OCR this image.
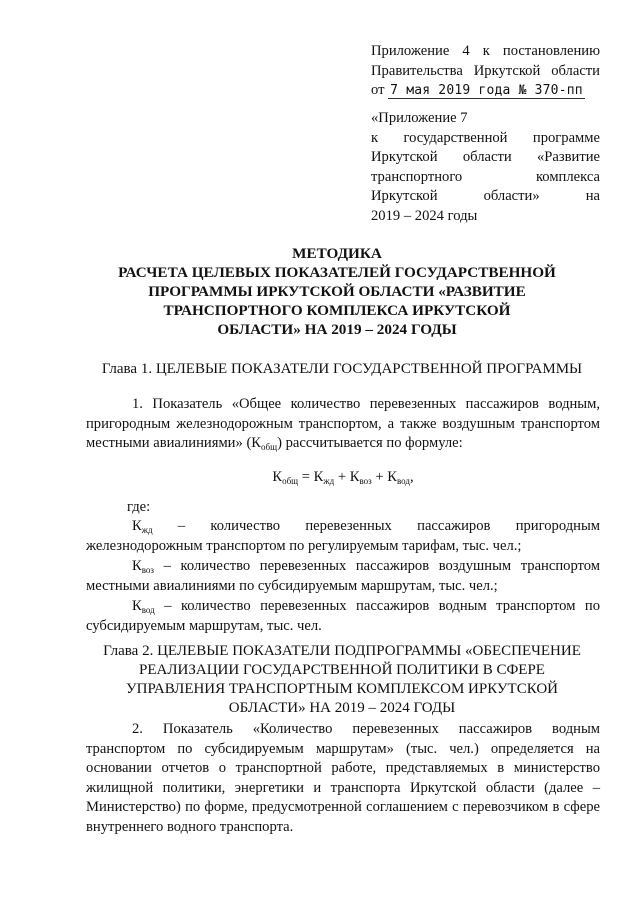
Приложение 4 к постановлению
Правительства Иркутской области
от 7 мая 2019 года № 370-пп
«Приложение 7
к государственной программе
Иркутской области «Развитие
транспортного комплекса
Иркутской области» на
2019 – 2024 годы
МЕТОДИКА
РАСЧЕТА ЦЕЛЕВЫХ ПОКАЗАТЕЛЕЙ ГОСУДАРСТВЕННОЙ
ПРОГРАММЫ ИРКУТСКОЙ ОБЛАСТИ «РАЗВИТИЕ
ТРАНСПОРТНОГО КОМПЛЕКСА ИРКУТСКОЙ
ОБЛАСТИ» НА 2019 – 2024 ГОДЫ
Глава 1. ЦЕЛЕВЫЕ ПОКАЗАТЕЛИ ГОСУДАРСТВЕННОЙ ПРОГРАММЫ
1. Показатель «Общее количество перевезенных пассажиров водным, пригородным железнодорожным транспортом, а также воздушным транспортом местными авиалиниями» $(К_{общ})$ рассчитывается по формуле:
$К_{общ} = К_{жд} + К_{воз} + К_{вод}$,
где:
$К_{жд}$ – количество перевезенных пассажиров пригородным железнодорожным транспортом по регулируемым тарифам, тыс. чел.;
$К_{воз}$ – количество перевезенных пассажиров воздушным транспортом местными авиалиниями по субсидируемым маршрутам, тыс. чел.;
$К_{вод}$ – количество перевезенных пассажиров водным транспортом по субсидируемым маршрутам, тыс. чел.
Глава 2. ЦЕЛЕВЫЕ ПОКАЗАТЕЛИ ПОДПРОГРАММЫ «ОБЕСПЕЧЕНИЕ
РЕАЛИЗАЦИИ ГОСУДАРСТВЕННОЙ ПОЛИТИКИ В СФЕРЕ
УПРАВЛЕНИЯ ТРАНСПОРТНЫМ КОМПЛЕКСОМ ИРКУТСКОЙ
ОБЛАСТИ» НА 2019 – 2024 ГОДЫ
2. Показатель «Количество перевезенных пассажиров водным транспортом по субсидируемым маршрутам» (тыс. чел.) определяется на основании отчетов о транспортной работе, представляемых в министерство жилищной политики, энергетики и транспорта Иркутской области (далее – Министерство) по форме, предусмотренной соглашением с перевозчиком в сфере внутреннего водного транспорта.
